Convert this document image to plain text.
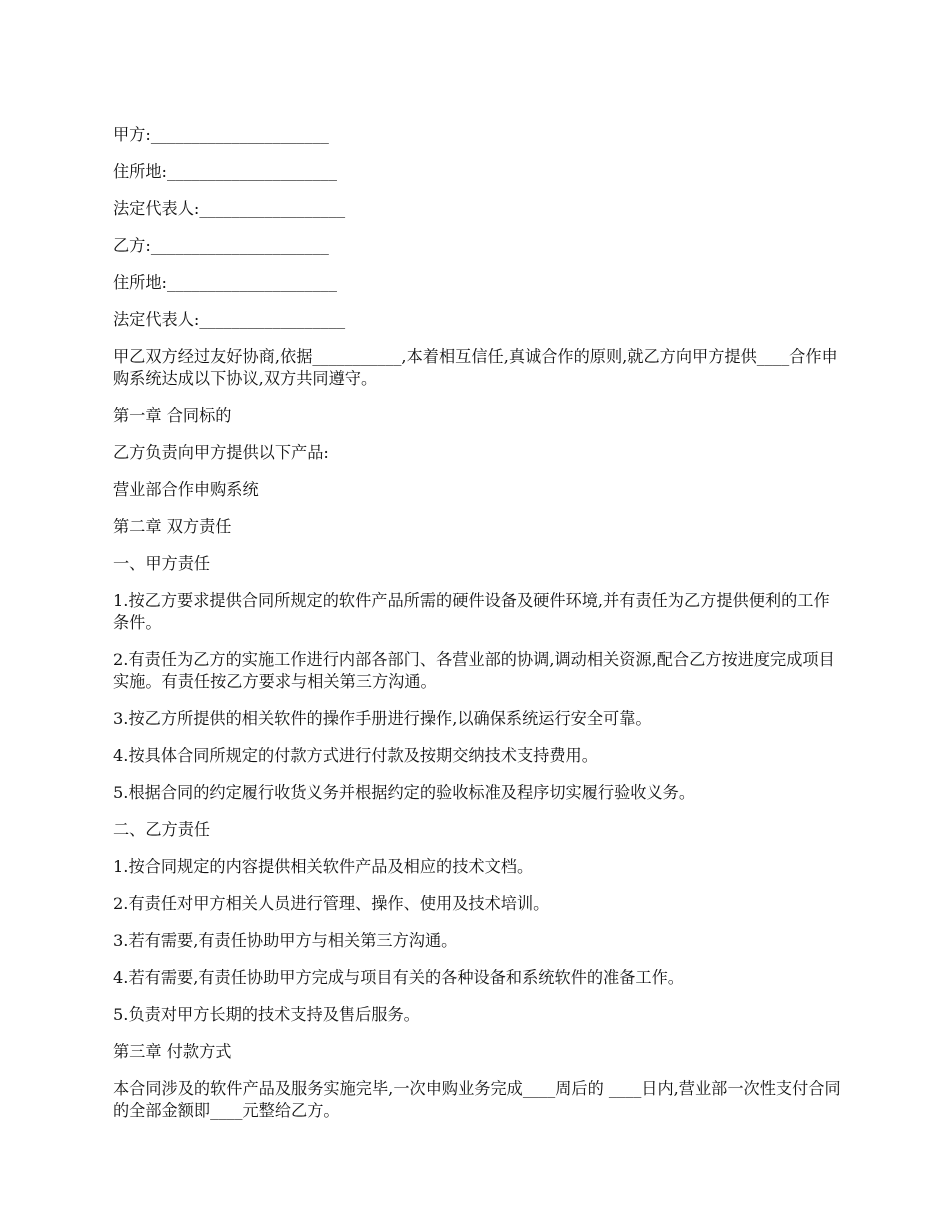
甲方:______________________

住所地:_____________________

法定代表人:__________________

乙方:______________________

住所地:_____________________

法定代表人:__________________

甲乙双方经过友好协商,依据___________,本着相互信任,真诚合作的原则,就乙方向甲方提供____合作申购系统达成以下协议,双方共同遵守。

第一章 合同标的

乙方负责向甲方提供以下产品:

营业部合作申购系统

第二章 双方责任

一、甲方责任

1.按乙方要求提供合同所规定的软件产品所需的硬件设备及硬件环境,并有责任为乙方提供便利的工作条件。

2.有责任为乙方的实施工作进行内部各部门、各营业部的协调,调动相关资源,配合乙方按进度完成项目实施。有责任按乙方要求与相关第三方沟通。

3.按乙方所提供的相关软件的操作手册进行操作,以确保系统运行安全可靠。

4.按具体合同所规定的付款方式进行付款及按期交纳技术支持费用。

5.根据合同的约定履行收货义务并根据约定的验收标准及程序切实履行验收义务。

二、乙方责任

1.按合同规定的内容提供相关软件产品及相应的技术文档。

2.有责任对甲方相关人员进行管理、操作、使用及技术培训。

3.若有需要,有责任协助甲方与相关第三方沟通。

4.若有需要,有责任协助甲方完成与项目有关的各种设备和系统软件的准备工作。

5.负责对甲方长期的技术支持及售后服务。

第三章 付款方式

本合同涉及的软件产品及服务实施完毕,一次申购业务完成____周后的 ____日内,营业部一次性支付合同的全部金额即____元整给乙方。
